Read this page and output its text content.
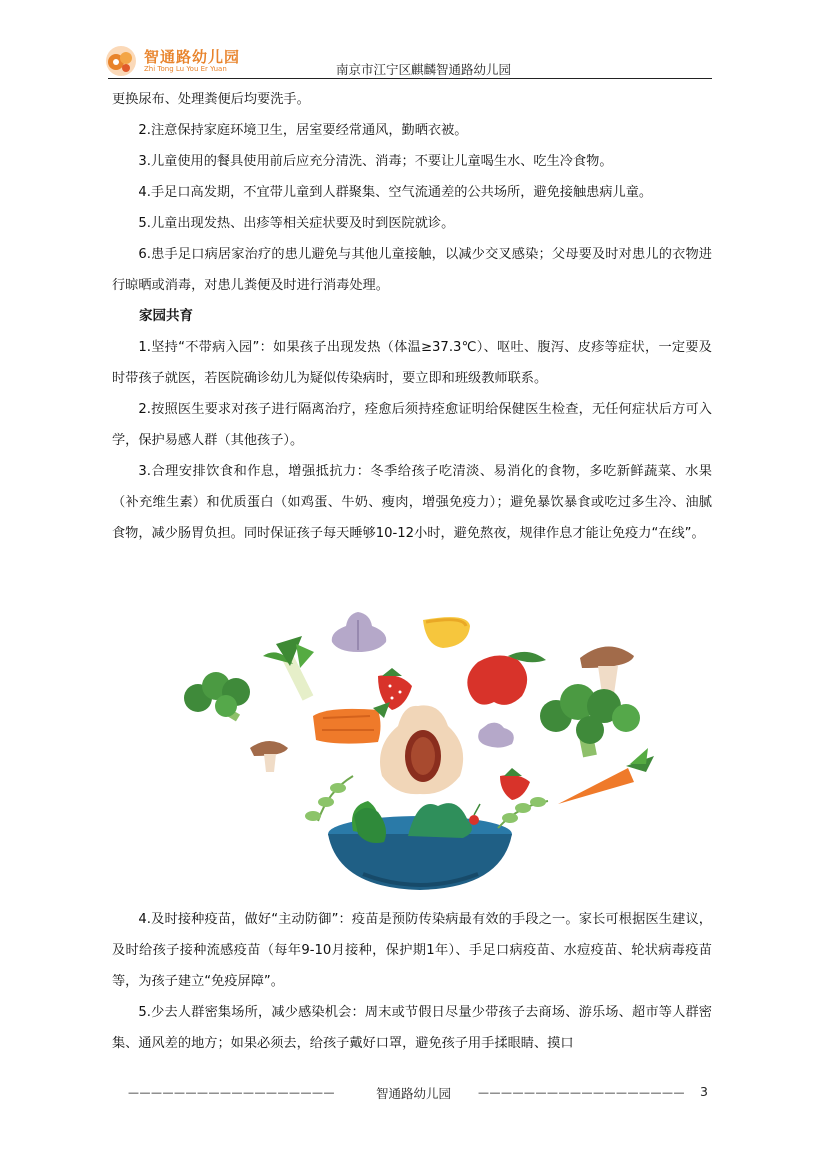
智通路幼儿园
Zhi Tong Lu You Er Yuan	南京市江宁区麒麟智通路幼儿园

更换尿布、处理粪便后均要洗手。

2.注意保持家庭环境卫生，居室要经常通风，勤晒衣被。

3.儿童使用的餐具使用前后应充分清洗、消毒；不要让儿童喝生水、吃生冷食物。

4.手足口高发期，不宜带儿童到人群聚集、空气流通差的公共场所，避免接触患病儿童。

5.儿童出现发热、出疹等相关症状要及时到医院就诊。

6.患手足口病居家治疗的患儿避免与其他儿童接触，以减少交叉感染；父母要及时对患儿的衣物进行晾晒或消毒，对患儿粪便及时进行消毒处理。

家园共育

1.坚持“不带病入园”：如果孩子出现发热（体温≥37.3℃）、呕吐、腹泻、皮疹等症状，一定要及时带孩子就医，若医院确诊幼儿为疑似传染病时，要立即和班级教师联系。

2.按照医生要求对孩子进行隔离治疗，痊愈后须持痊愈证明给保健医生检查，无任何症状后方可入学，保护易感人群（其他孩子）。

3.合理安排饮食和作息，增强抵抗力：冬季给孩子吃清淡、易消化的食物，多吃新鲜蔬菜、水果（补充维生素）和优质蛋白（如鸡蛋、牛奶、瘦肉，增强免疫力）；避免暴饮暴食或吃过多生冷、油腻食物，减少肠胃负担。同时保证孩子每天睡够10-12小时，避免熬夜，规律作息才能让免疫力“在线”。

4.及时接种疫苗，做好“主动防御”：疫苗是预防传染病最有效的手段之一。家长可根据医生建议，及时给孩子接种流感疫苗（每年9-10月接种，保护期1年）、手足口病疫苗、水痘疫苗、轮状病毒疫苗等，为孩子建立“免疫屏障”。

5.少去人群密集场所，减少感染机会：周末或节假日尽量少带孩子去商场、游乐场、超市等人群密集、通风差的地方；如果必须去，给孩子戴好口罩，避免孩子用手揉眼睛、摸口

——————————————————	智通路幼儿园	—————————————————— 3
